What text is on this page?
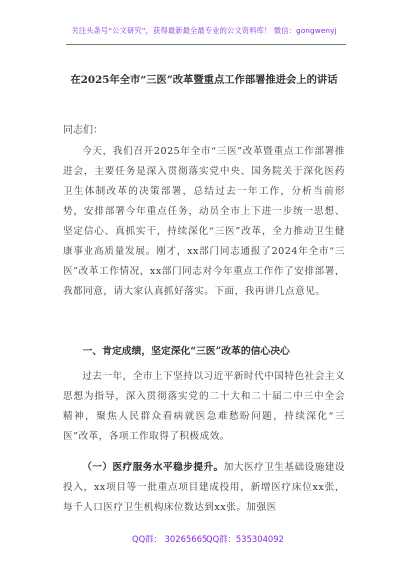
关注头条号“公文研究”，获得最新最全最专业的公文资料库！ 微信：gongwenyj
在2025年全市“三医”改革暨重点工作部署推进会上的讲话
同志们：
今天，我们召开2025年全市“三医”改革暨重点工作部署推进会，主要任务是深入贯彻落实党中央、国务院关于深化医药卫生体制改革的决策部署，总结过去一年工作，分析当前形势，安排部署今年重点任务，动员全市上下进一步统一思想、坚定信心、真抓实干，持续深化“三医”改革，全力推动卫生健康事业高质量发展。刚才，xx部门同志通报了2024年全市“三医”改革工作情况，xx部门同志对今年重点工作作了安排部署，我都同意，请大家认真抓好落实。下面，我再讲几点意见。
一、肯定成绩，坚定深化“三医”改革的信心决心
过去一年，全市上下坚持以习近平新时代中国特色社会主义思想为指导，深入贯彻落实党的二十大和二十届二中三中全会精神，聚焦人民群众看病就医急难愁盼问题，持续深化“三医”改革，各项工作取得了积极成效。
（一）医疗服务水平稳步提升。加大医疗卫生基础设施建设投入，xx项目等一批重点项目建成投用，新增医疗床位xx张，每千人口医疗卫生机构床位数达到xx张。加强医
QQ群： 30265665
QQ群：535304092
